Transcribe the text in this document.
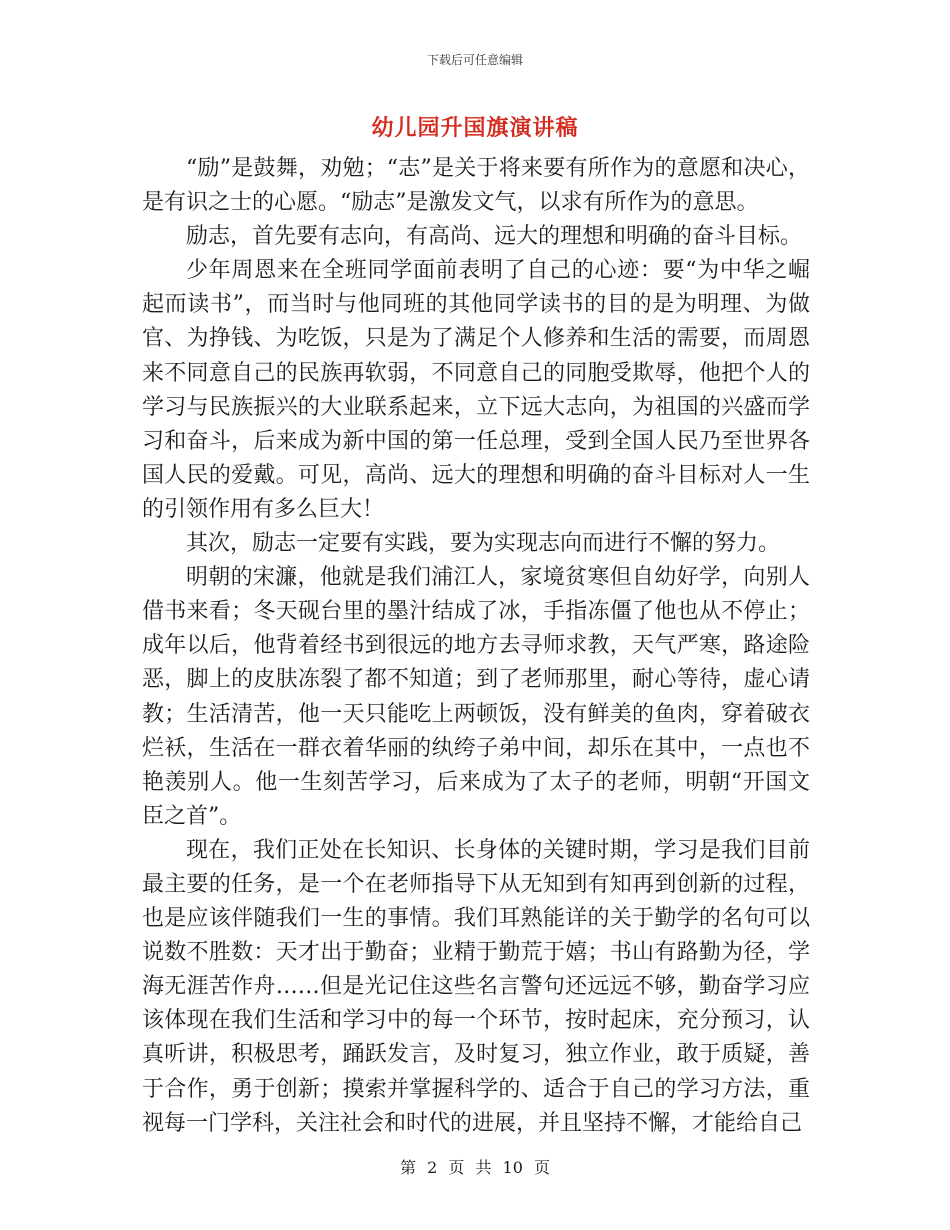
下载后可任意编辑
幼儿园升国旗演讲稿

“励”是鼓舞，劝勉；“志”是关于将来要有所作为的意愿和决心，是有识之士的心愿。“励志”是激发文气，以求有所作为的意思。

励志，首先要有志向，有高尚、远大的理想和明确的奋斗目标。

少年周恩来在全班同学面前表明了自己的心迹：要“为中华之崛起而读书”，而当时与他同班的其他同学读书的目的是为明理、为做官、为挣钱、为吃饭，只是为了满足个人修养和生活的需要，而周恩来不同意自己的民族再软弱，不同意自己的同胞受欺辱，他把个人的学习与民族振兴的大业联系起来，立下远大志向，为祖国的兴盛而学习和奋斗，后来成为新中国的第一任总理，受到全国人民乃至世界各国人民的爱戴。可见，高尚、远大的理想和明确的奋斗目标对人一生的引领作用有多么巨大！

其次，励志一定要有实践，要为实现志向而进行不懈的努力。

明朝的宋濂，他就是我们浦江人，家境贫寒但自幼好学，向别人借书来看；冬天砚台里的墨汁结成了冰，手指冻僵了他也从不停止；成年以后，他背着经书到很远的地方去寻师求教，天气严寒，路途险恶，脚上的皮肤冻裂了都不知道；到了老师那里，耐心等待，虚心请教；生活清苦，他一天只能吃上两顿饭，没有鲜美的鱼肉，穿着破衣烂袄，生活在一群衣着华丽的纨绔子弟中间，却乐在其中，一点也不艳羡别人。他一生刻苦学习，后来成为了太子的老师，明朝“开国文臣之首”。

现在，我们正处在长知识、长身体的关键时期，学习是我们目前最主要的任务，是一个在老师指导下从无知到有知再到创新的过程，也是应该伴随我们一生的事情。我们耳熟能详的关于勤学的名句可以说数不胜数：天才出于勤奋；业精于勤荒于嬉；书山有路勤为径，学海无涯苦作舟……但是光记住这些名言警句还远远不够，勤奋学习应该体现在我们生活和学习中的每一个环节，按时起床，充分预习，认真听讲，积极思考，踊跃发言，及时复习，独立作业，敢于质疑，善于合作，勇于创新；摸索并掌握科学的、适合于自己的学习方法，重视每一门学科，关注社会和时代的进展，并且坚持不懈，才能给自己

第 2 页 共 10 页
